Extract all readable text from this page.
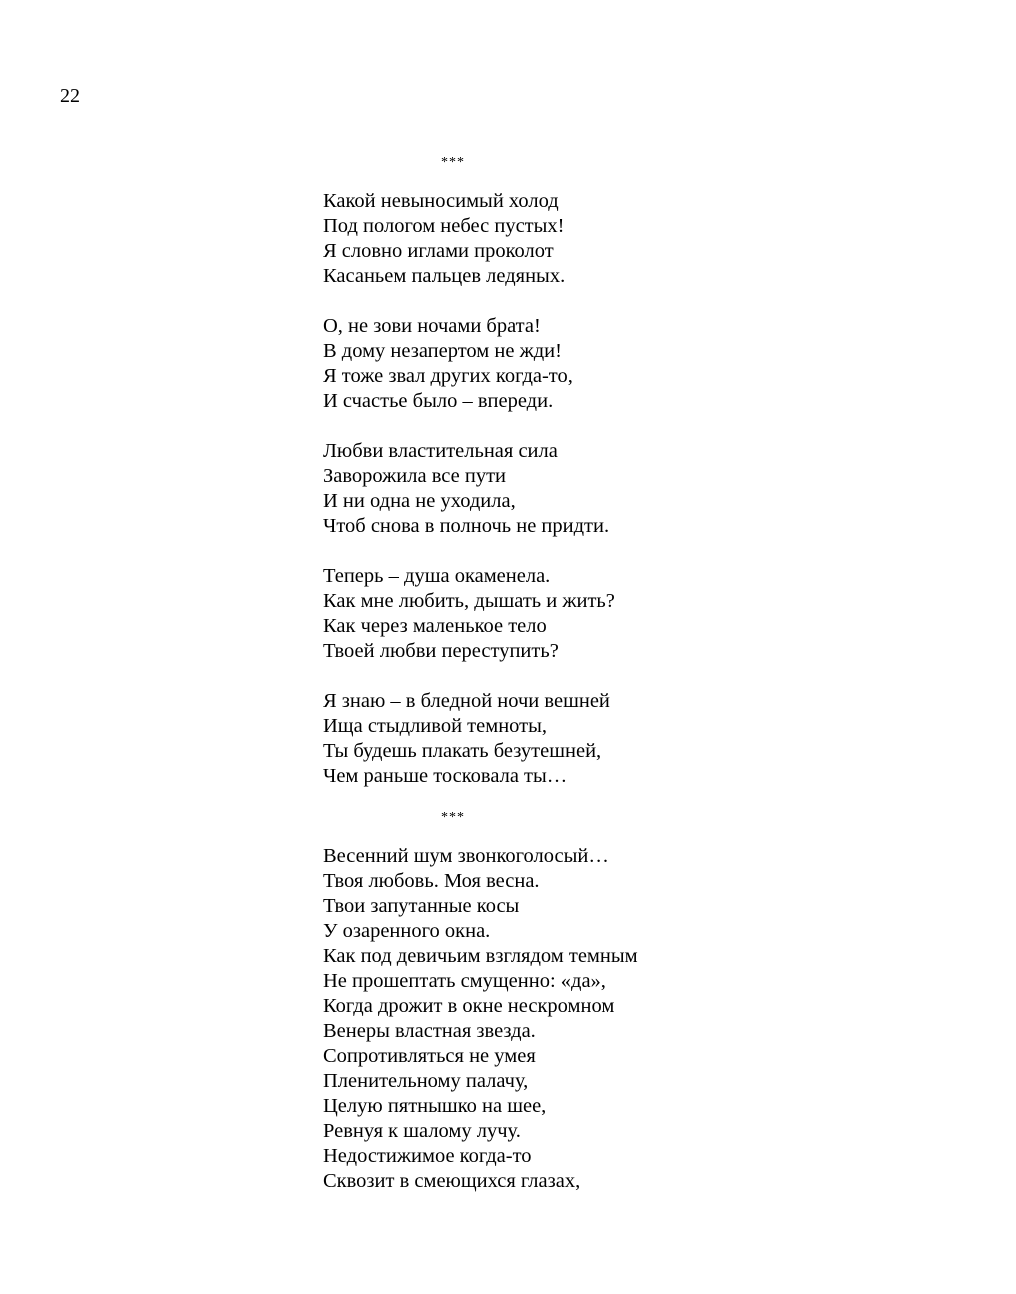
22
***
Какой невыносимый холод
Под пологом небес пустых!
Я словно иглами проколот
Касаньем пальцев ледяных.
О, не зови ночами брата!
В дому незапертом не жди!
Я тоже звал других когда-то,
И счастье было – впереди.
Любви властительная сила
Заворожила все пути
И ни одна не уходила,
Чтоб снова в полночь не придти.
Теперь – душа окаменела.
Как мне любить, дышать и жить?
Как через маленькое тело
Твоей любви переступить?
Я знаю – в бледной ночи вешней
Ища стыдливой темноты,
Ты будешь плакать безутешней,
Чем раньше тосковала ты…
***
Весенний шум звонкоголосый…
Твоя любовь. Моя весна.
Твои запутанные косы
У озаренного окна.
Как под девичьим взглядом темным
Не прошептать смущенно: «да»,
Когда дрожит в окне нескромном
Венеры властная звезда.
Сопротивляться не умея
Пленительному палачу,
Целую пятнышко на шее,
Ревнуя к шалому лучу.
Недостижимое когда-то
Сквозит в смеющихся глазах,
